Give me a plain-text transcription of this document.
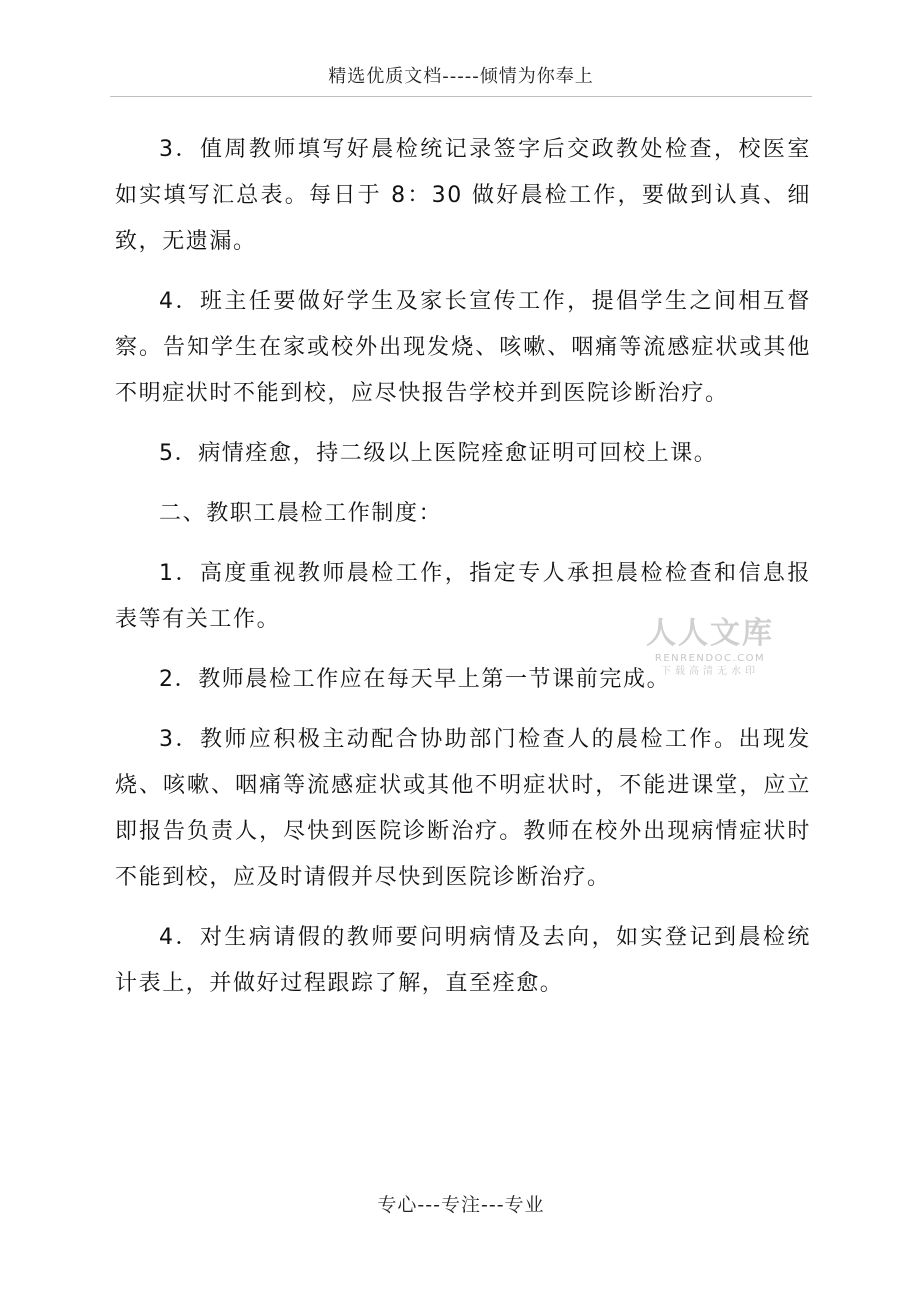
精选优质文档-----倾情为你奉上

3．值周教师填写好晨检统记录签字后交政教处检查，校医室如实填写汇总表。每日于 8：30 做好晨检工作，要做到认真、细致，无遗漏。

4．班主任要做好学生及家长宣传工作，提倡学生之间相互督察。告知学生在家或校外出现发烧、咳嗽、咽痛等流感症状或其他不明症状时不能到校，应尽快报告学校并到医院诊断治疗。

5．病情痊愈，持二级以上医院痊愈证明可回校上课。

二、教职工晨检工作制度：

1．高度重视教师晨检工作，指定专人承担晨检检查和信息报表等有关工作。

2．教师晨检工作应在每天早上第一节课前完成。

3．教师应积极主动配合协助部门检查人的晨检工作。出现发烧、咳嗽、咽痛等流感症状或其他不明症状时，不能进课堂，应立即报告负责人，尽快到医院诊断治疗。教师在校外出现病情症状时不能到校，应及时请假并尽快到医院诊断治疗。

4．对生病请假的教师要问明病情及去向，如实登记到晨检统计表上，并做好过程跟踪了解，直至痊愈。

人人文库
RENRENDOC.COM
下载高清无水印
专心---专注---专业
